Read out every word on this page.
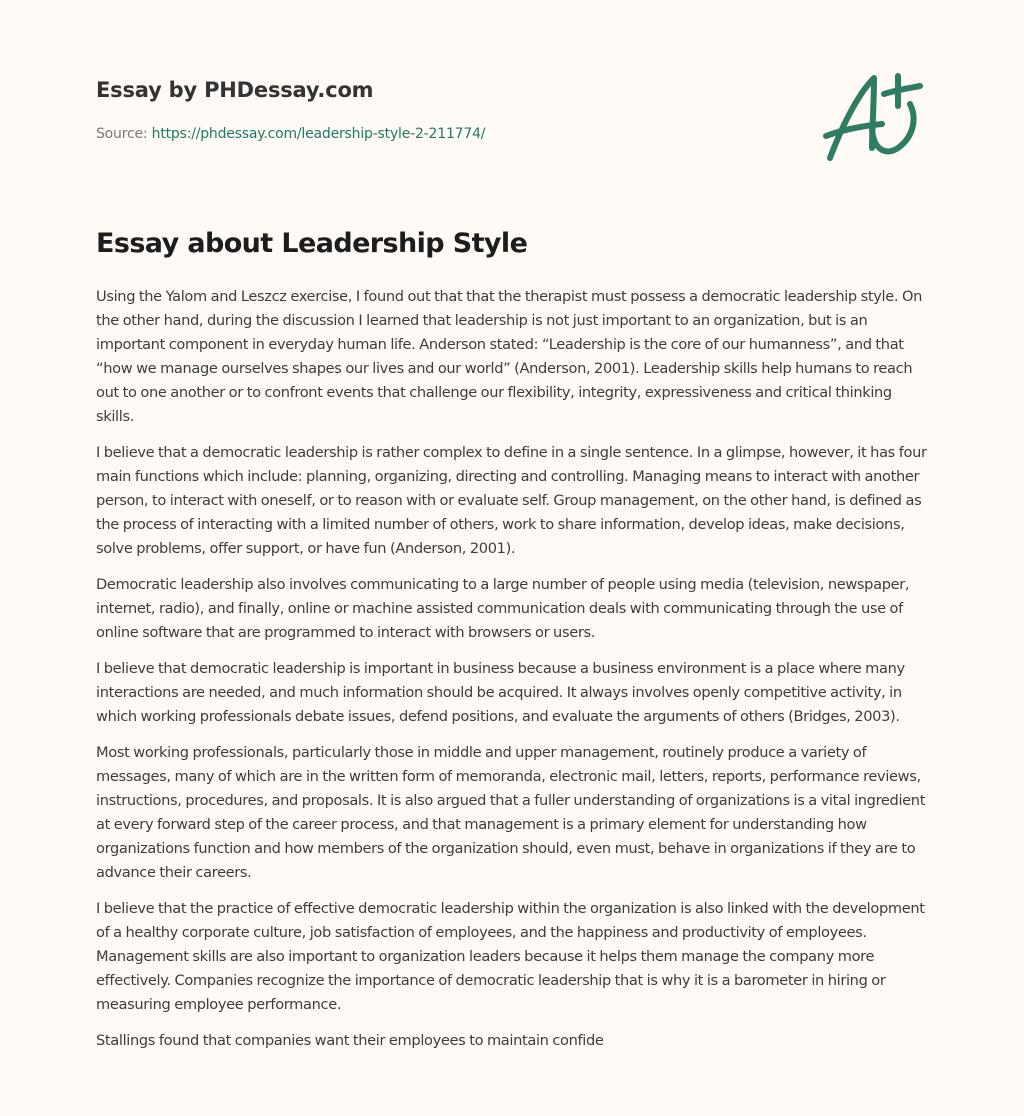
Essay by PHDessay.com
Source: https://phdessay.com/leadership-style-2-211774/
Essay about Leadership Style

Using the Yalom and Leszcz exercise, I found out that that the therapist must possess a democratic leadership style. On the other hand, during the discussion I learned that leadership is not just important to an organization, but is an important component in everyday human life. Anderson stated: “Leadership is the core of our humanness”, and that “how we manage ourselves shapes our lives and our world” (Anderson, 2001). Leadership skills help humans to reach out to one another or to confront events that challenge our flexibility, integrity, expressiveness and critical thinking skills.

I believe that a democratic leadership is rather complex to define in a single sentence. In a glimpse, however, it has four main functions which include: planning, organizing, directing and controlling. Managing means to interact with another person, to interact with oneself, or to reason with or evaluate self. Group management, on the other hand, is defined as the process of interacting with a limited number of others, work to share information, develop ideas, make decisions, solve problems, offer support, or have fun (Anderson, 2001).

Democratic leadership also involves communicating to a large number of people using media (television, newspaper, internet, radio), and finally, online or machine assisted communication deals with communicating through the use of online software that are programmed to interact with browsers or users.

I believe that democratic leadership is important in business because a business environment is a place where many interactions are needed, and much information should be acquired. It always involves openly competitive activity, in which working professionals debate issues, defend positions, and evaluate the arguments of others (Bridges, 2003).

Most working professionals, particularly those in middle and upper management, routinely produce a variety of messages, many of which are in the written form of memoranda, electronic mail, letters, reports, performance reviews, instructions, procedures, and proposals. It is also argued that a fuller understanding of organizations is a vital ingredient at every forward step of the career process, and that management is a primary element for understanding how organizations function and how members of the organization should, even must, behave in organizations if they are to advance their careers.

I believe that the practice of effective democratic leadership within the organization is also linked with the development of a healthy corporate culture, job satisfaction of employees, and the happiness and productivity of employees. Management skills are also important to organization leaders because it helps them manage the company more effectively. Companies recognize the importance of democratic leadership that is why it is a barometer in hiring or measuring employee performance.

Stallings found that companies want their employees to maintain confide
